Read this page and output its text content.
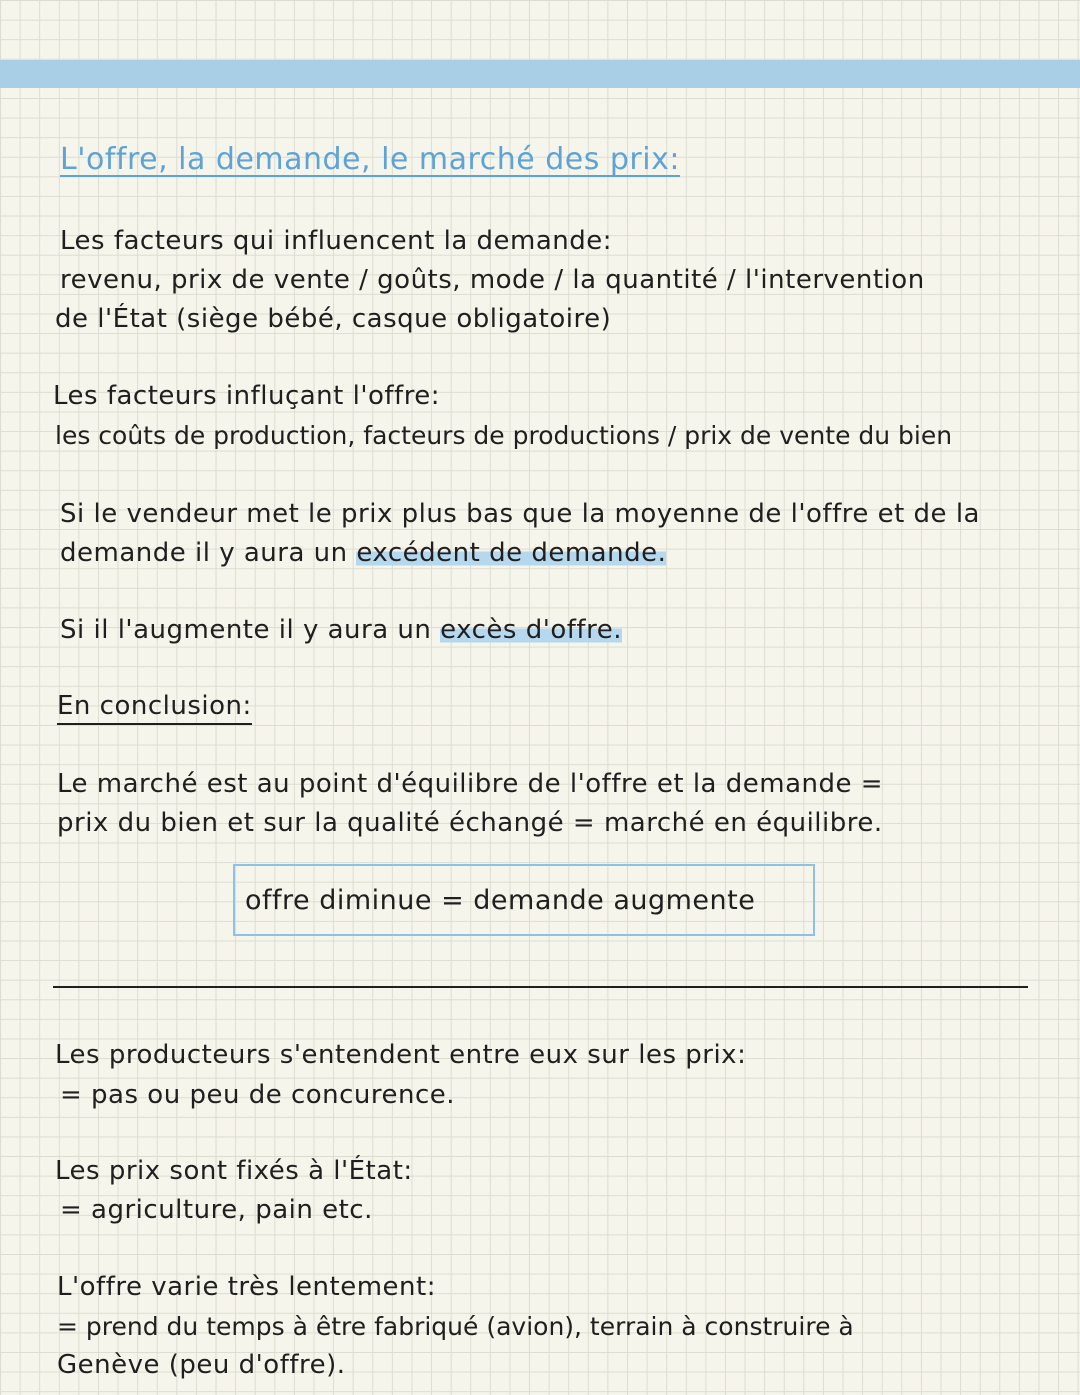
L'offre, la demande, le marché des prix:
Les facteurs qui influencent la demande:
revenu, prix de vente / goûts, mode / la quantité / l'intervention
de l'État (siège bébé, casque obligatoire)
Les facteurs influçant l'offre:
les coûts de production, facteurs de productions / prix de vente du bien
Si le vendeur met le prix plus bas que la moyenne de l'offre et de la
demande il y aura un excédent de demande.
Si il l'augmente il y aura un excès d'offre.
En conclusion:
Le marché est au point d'équilibre de l'offre et la demande =
prix du bien et sur la qualité échangé = marché en équilibre.
offre diminue = demande augmente
Les producteurs s'entendent entre eux sur les prix:
= pas ou peu de concurence.
Les prix sont fixés à l'État:
= agriculture, pain etc.
L'offre varie très lentement:
= prend du temps à être fabriqué (avion), terrain à construire à
Genève (peu d'offre).
